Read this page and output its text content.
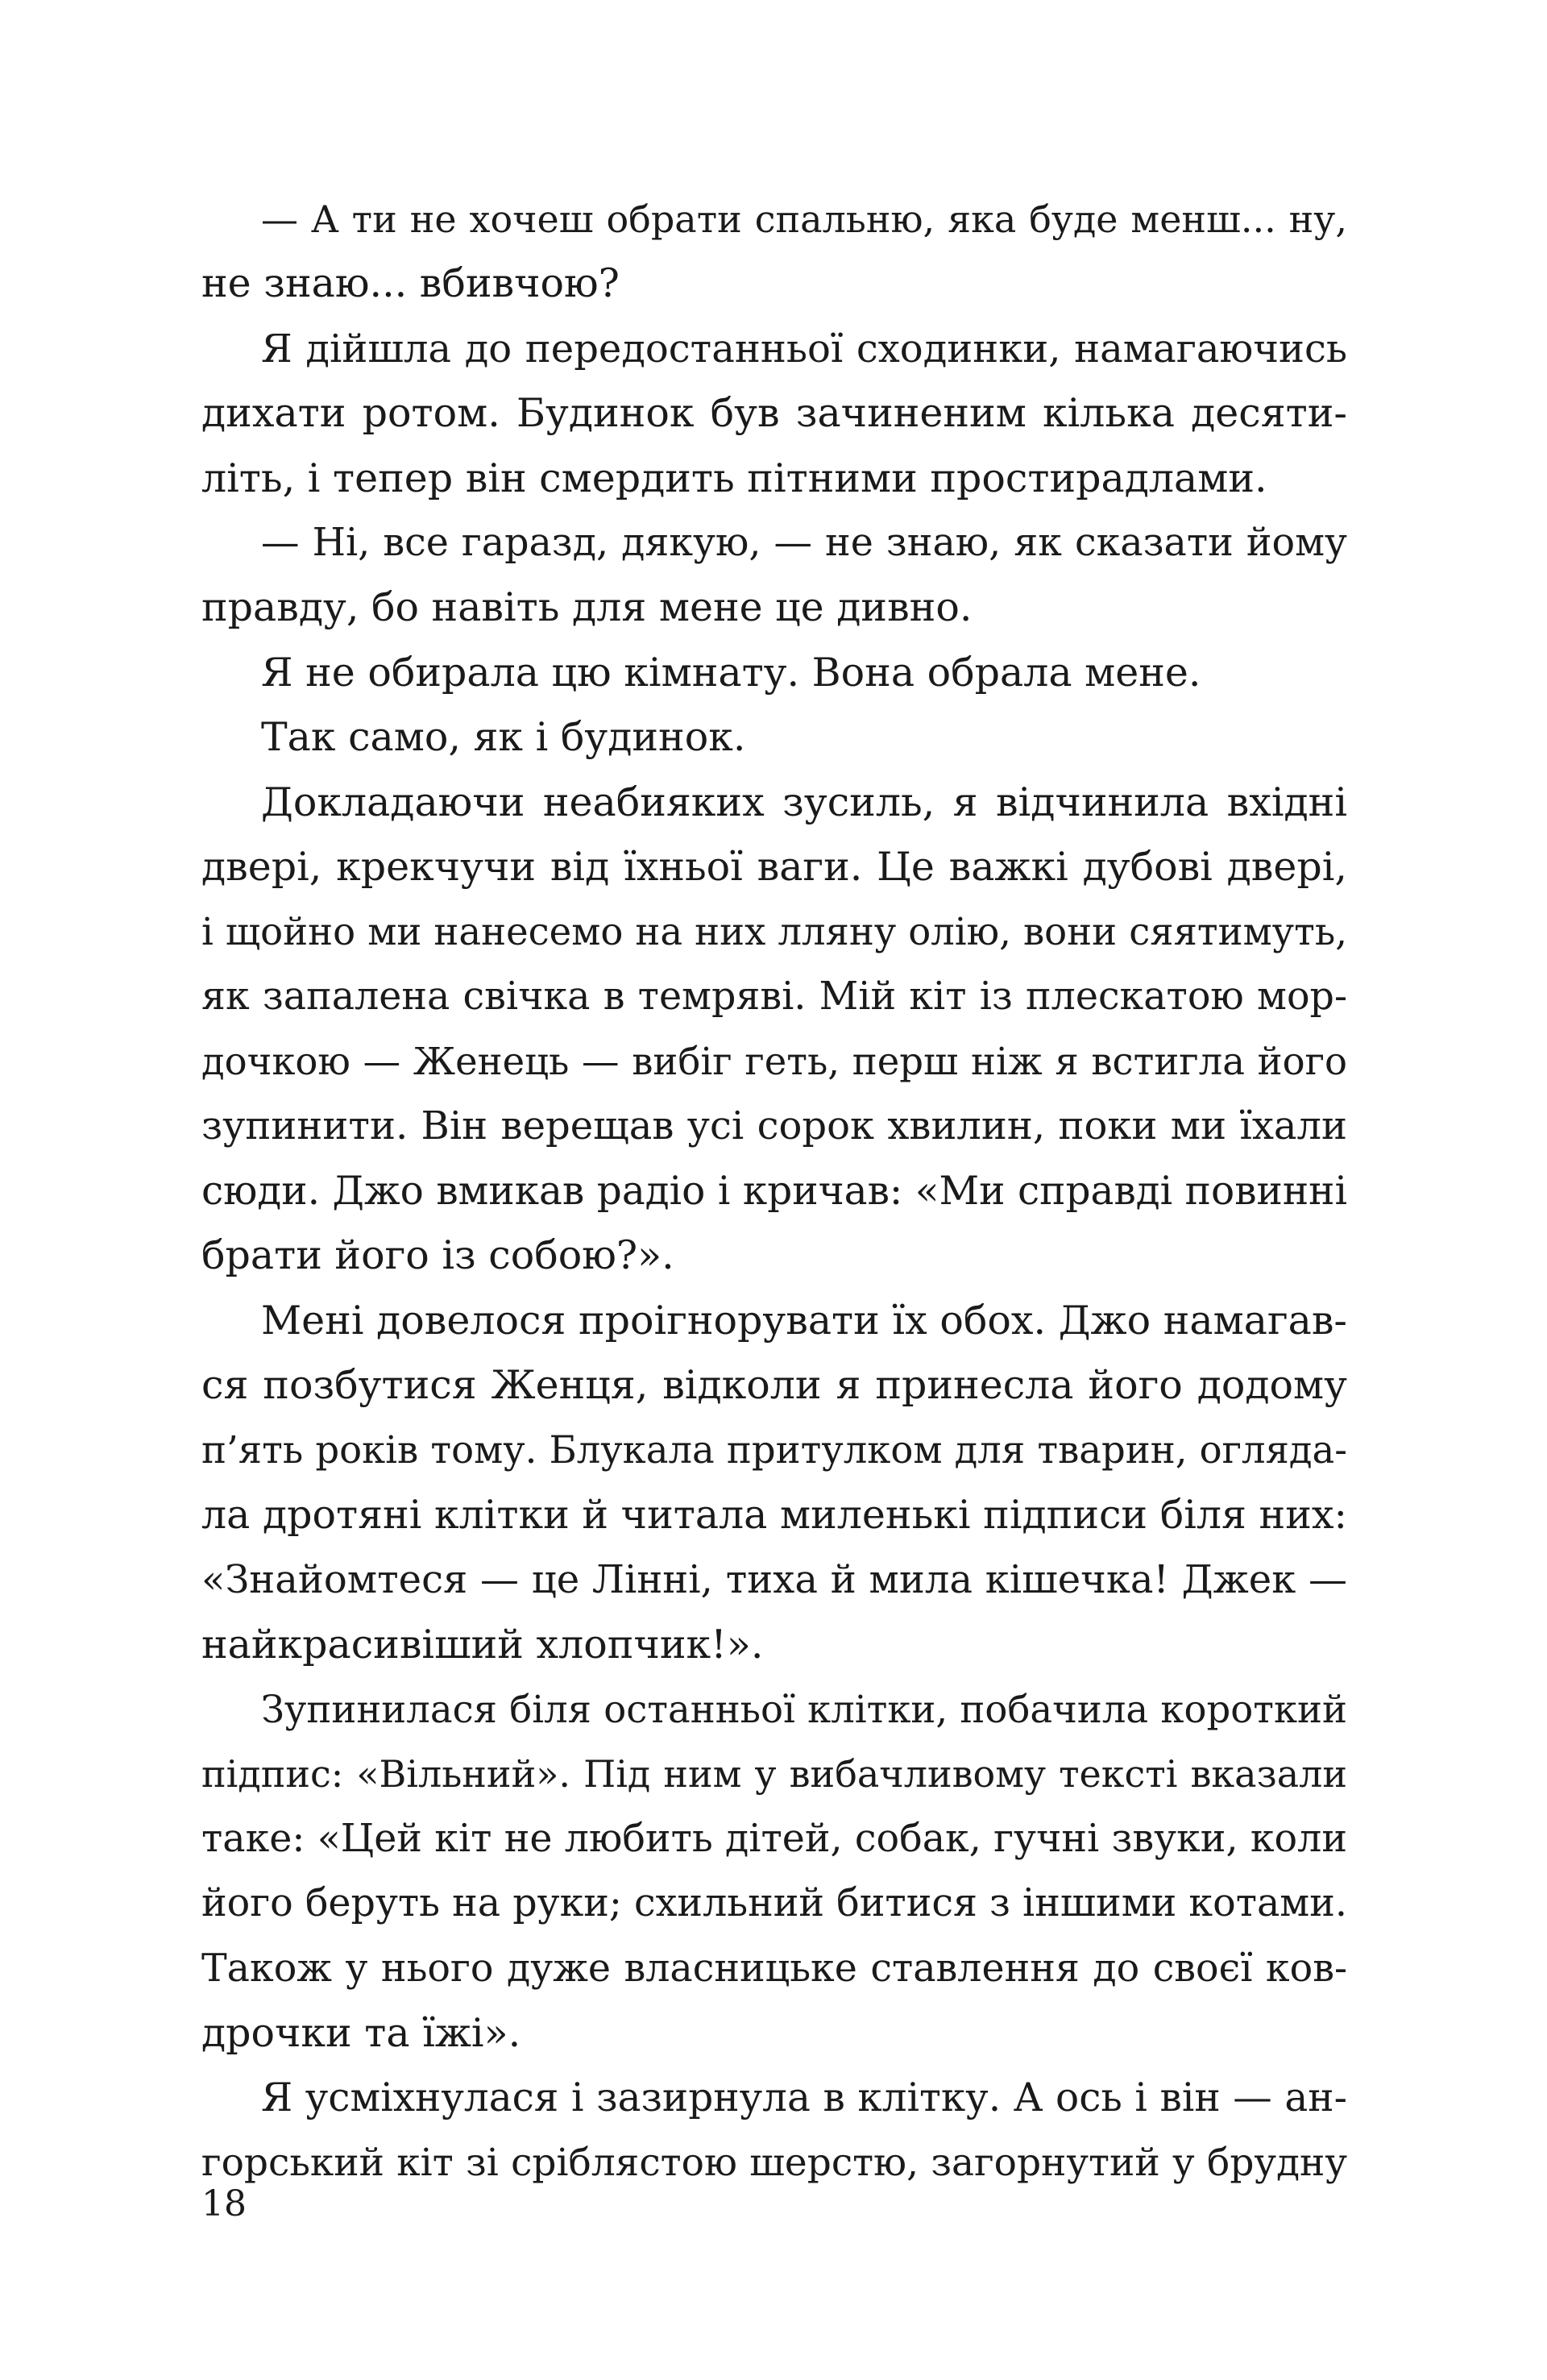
— А ти не хочеш обрати спальню, яка буде менш... ну,
не знаю... вбивчою?
Я дійшла до передостанньої сходинки, намагаючись
дихати ротом. Будинок був зачиненим кілька десяти-
літь, і тепер він смердить пітними простирадлами.
— Ні, все гаразд, дякую, — не знаю, як сказати йому
правду, бо навіть для мене це дивно.
Я не обирала цю кімнату. Вона обрала мене.
Так само, як і будинок.
Докладаючи неабияких зусиль, я відчинила вхідні
двері, крекчучи від їхньої ваги. Це важкі дубові двері,
і щойно ми нанесемо на них лляну олію, вони сяятимуть,
як запалена свічка в темряві. Мій кіт із плескатою мор-
дочкою — Женець — вибіг геть, перш ніж я встигла його
зупинити. Він верещав усі сорок хвилин, поки ми їхали
сюди. Джо вмикав радіо і кричав: «Ми справді повинні
брати його із собою?».
Мені довелося проігнорувати їх обох. Джо намагав-
ся позбутися Женця, відколи я принесла його додому
п’ять років тому. Блукала притулком для тварин, огляда-
ла дротяні клітки й читала миленькі підписи біля них:
«Знайомтеся — це Лінні, тиха й мила кішечка! Джек —
найкрасивіший хлопчик!».
Зупинилася біля останньої клітки, побачила короткий
підпис: «Вільний». Під ним у вибачливому тексті вказали
таке: «Цей кіт не любить дітей, собак, гучні звуки, коли
його беруть на руки; схильний битися з іншими котами.
Також у нього дуже власницьке ставлення до своєї ков-
дрочки та їжі».
Я усміхнулася і зазирнула в клітку. А ось і він — ан-
горський кіт зі сріблястою шерстю, загорнутий у брудну
18
